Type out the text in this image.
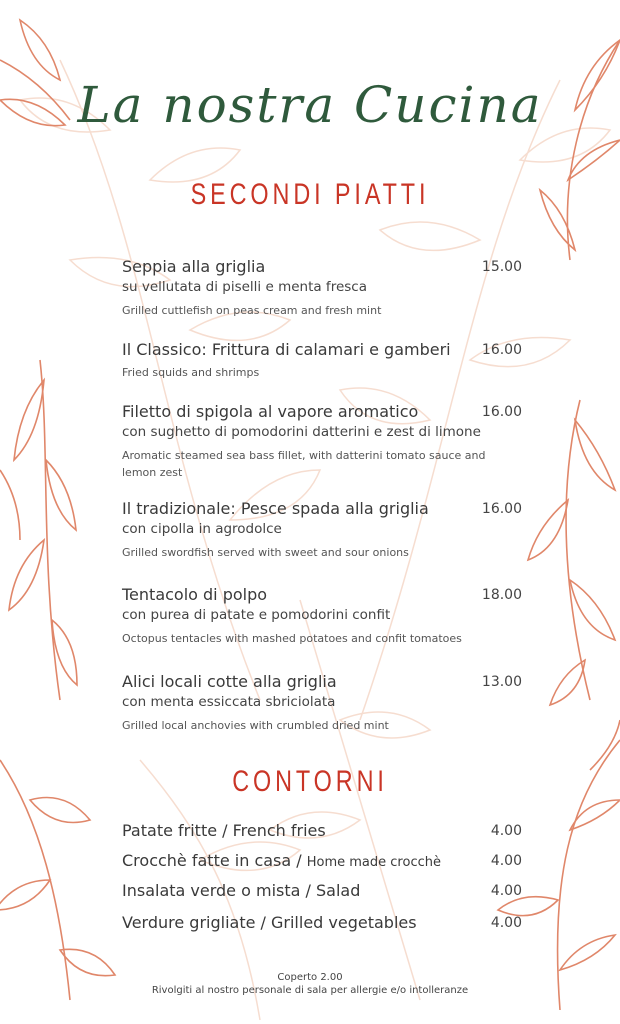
La nostra Cucina
SECONDI PIATTI
Seppia alla griglia	15.00
su vellutata di piselli e menta fresca
Grilled cuttlefish on peas cream and fresh mint
Il Classico: Frittura di calamari e gamberi	16.00
Fried squids and shrimps
Filetto di spigola al vapore aromatico	16.00
con sughetto di pomodorini datterini e zest di limone
Aromatic steamed sea bass fillet, with datterini tomato sauce and lemon zest
Il tradizionale: Pesce spada alla griglia	16.00
con cipolla in agrodolce
Grilled swordfish served with sweet and sour onions
Tentacolo di polpo	18.00
con purea di patate e pomodorini confit
Octopus tentacles with mashed potatoes and confit tomatoes
Alici locali cotte alla griglia	13.00
con menta essiccata sbriciolata
Grilled local anchovies with crumbled dried mint
CONTORNI
Patate fritte / French fries	4.00
Crocchè fatte in casa / Home made crocchè	4.00
Insalata verde o mista / Salad	4.00
Verdure grigliate / Grilled vegetables	4.00
Coperto 2.00
Rivolgiti al nostro personale di sala per allergie e/o intolleranze
